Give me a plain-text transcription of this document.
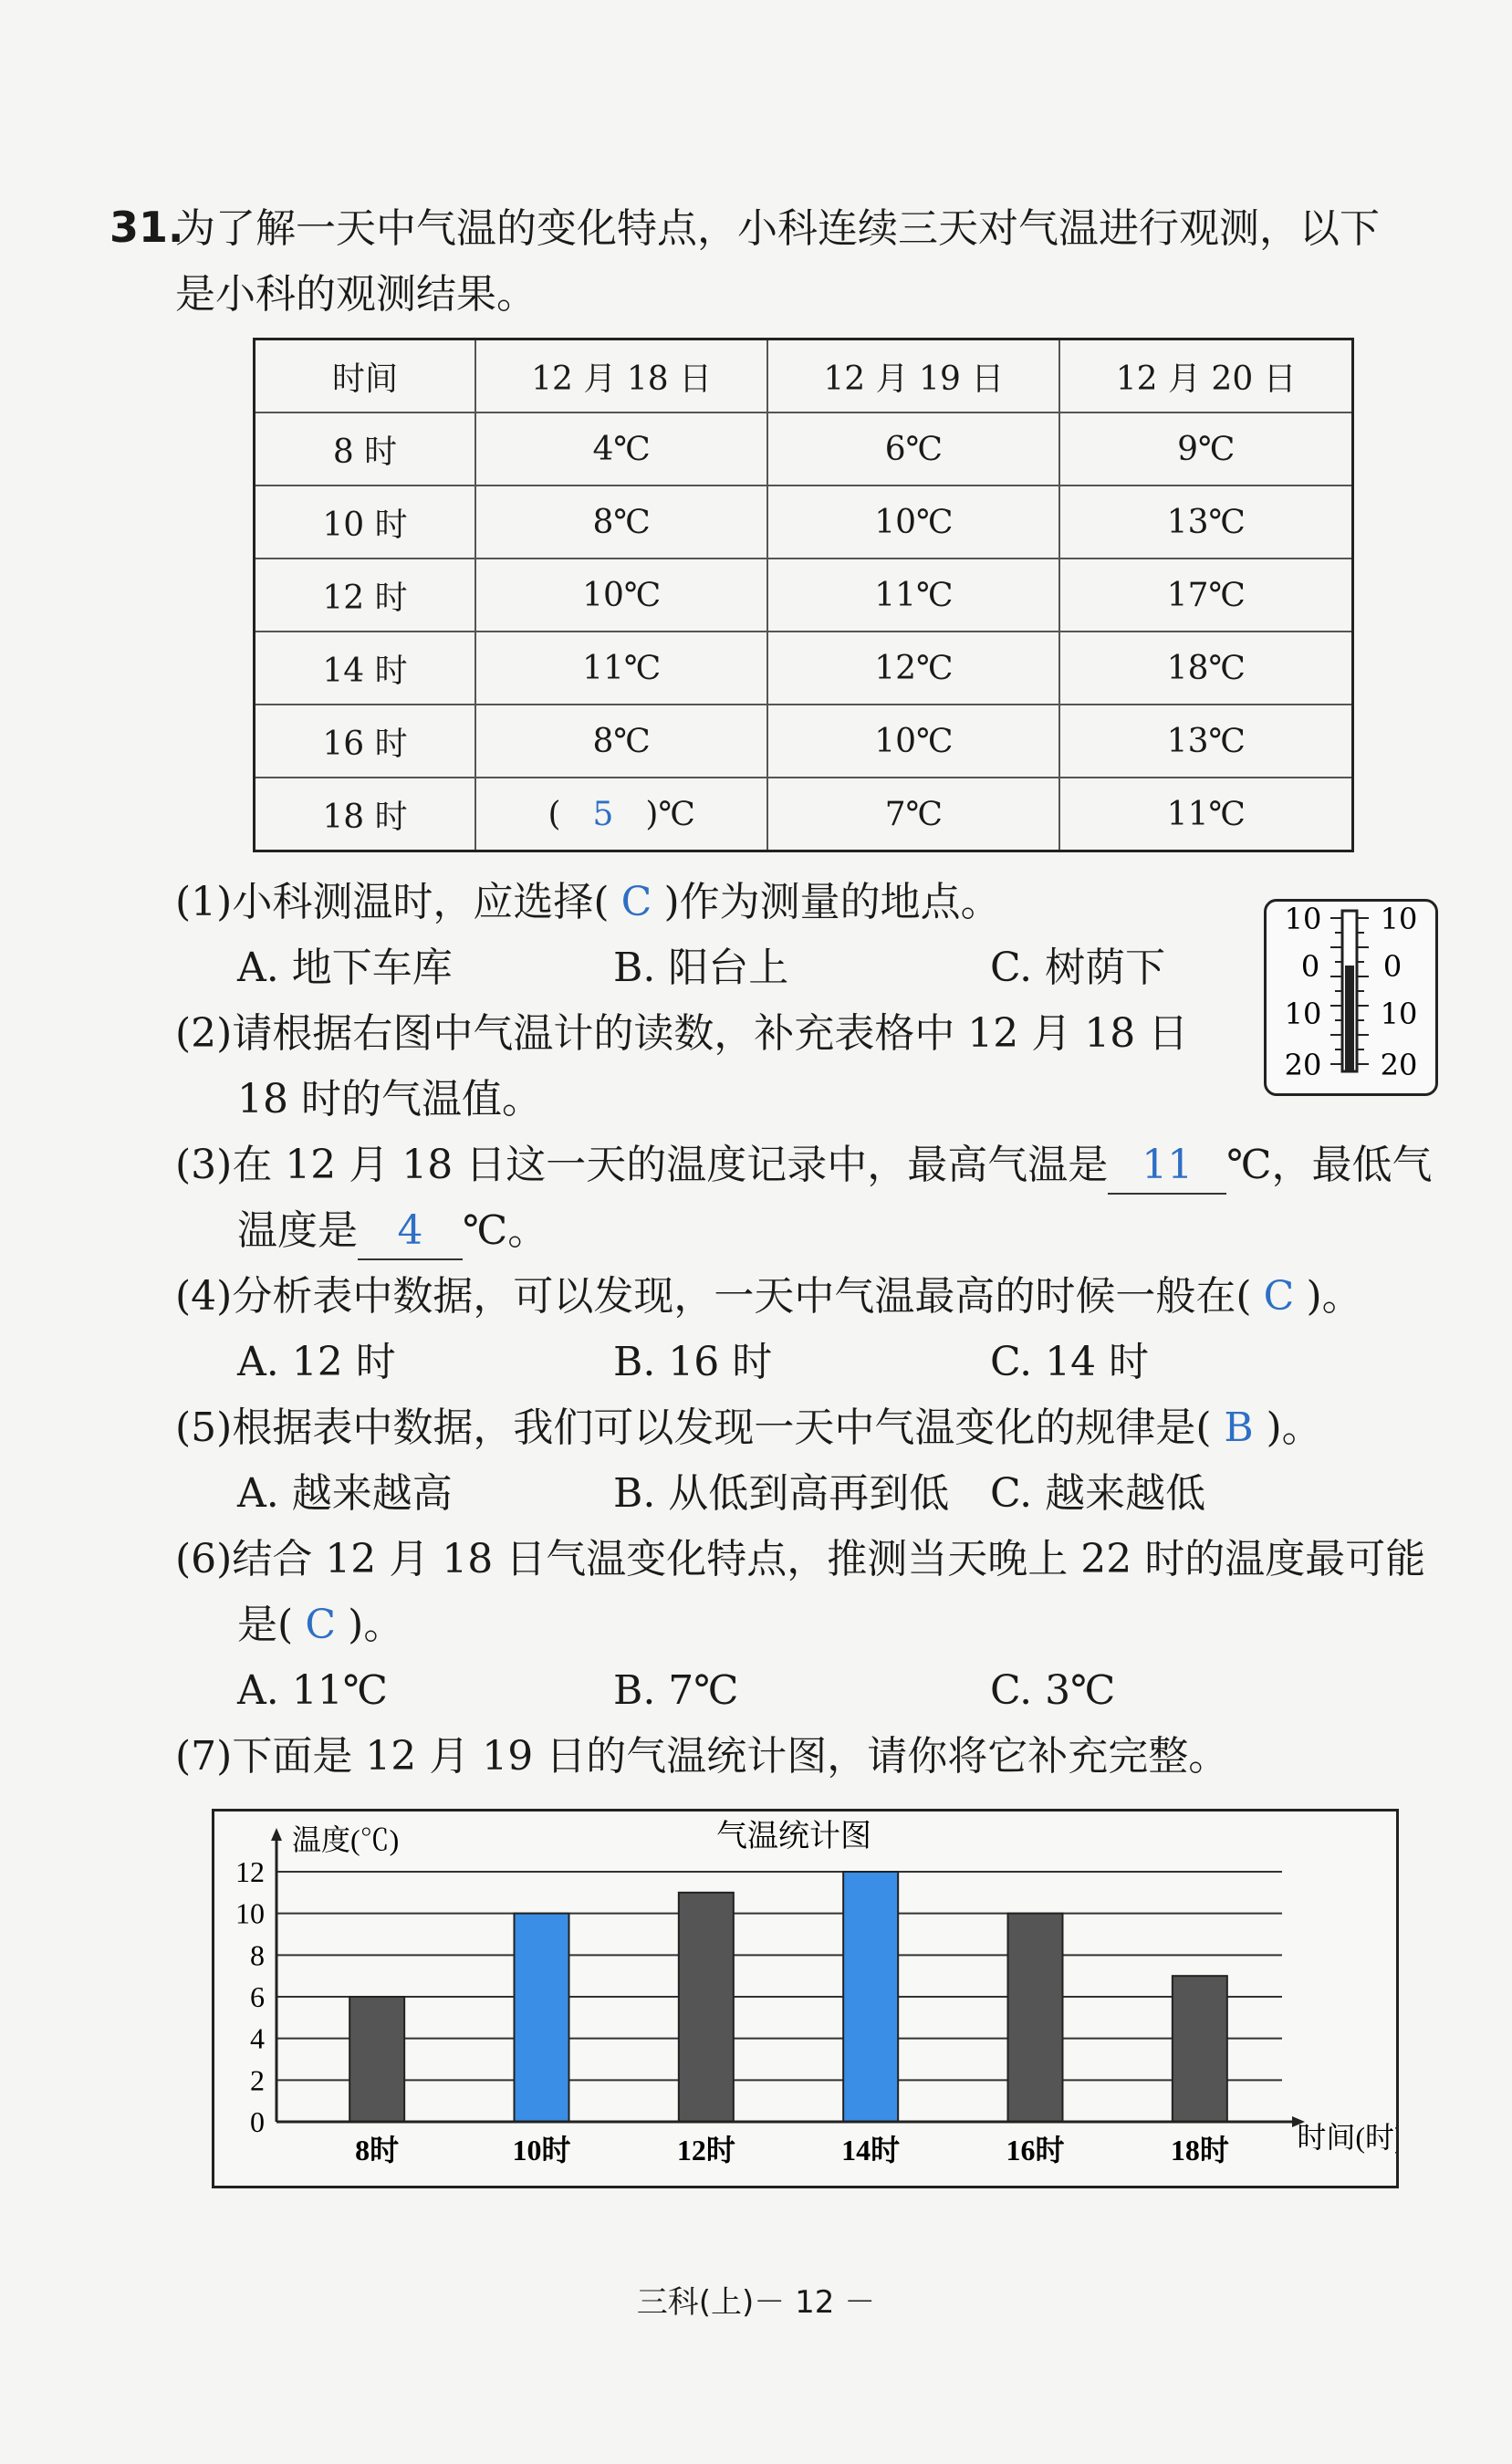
31.
为了解一天中气温的变化特点，小科连续三天对气温进行观测，以下
是小科的观测结果。
时间	12 月 18 日	12 月 19 日	12 月 20 日
8 时	4℃	6℃	9℃
10 时	8℃	10℃	13℃
12 时	10℃	11℃	17℃
14 时	11℃	12℃	18℃
16 时	8℃	10℃	13℃
18 时	( 5 )℃	7℃	11℃
(1)小科测温时，应选择( C )作为测量的地点。
A. 地下车库	B. 阳台上	C. 树荫下
10
0
10
20
10
0
10
20
(2)请根据右图中气温计的读数，补充表格中 12 月 18 日
18 时的气温值。
(3)在 12 月 18 日这一天的温度记录中，最高气温是 11 ℃，最低气
温度是 4 ℃。
(4)分析表中数据，可以发现，一天中气温最高的时候一般在( C )。
A. 12 时	B. 16 时	C. 14 时
(5)根据表中数据，我们可以发现一天中气温变化的规律是( B )。
A. 越来越高	B. 从低到高再到低 C. 越来越低
(6)结合 12 月 18 日气温变化特点，推测当天晚上 22 时的温度最可能
是( C )。
A. 11℃	B. 7℃	C. 3℃
(7)下面是 12 月 19 日的气温统计图，请你将它补充完整。
气温统计图
温度(℃)
时间(时)
0
2
4
6
8
10
12
8时	10时	12时	14时	16时	18时
三科(上)－ 12 －
